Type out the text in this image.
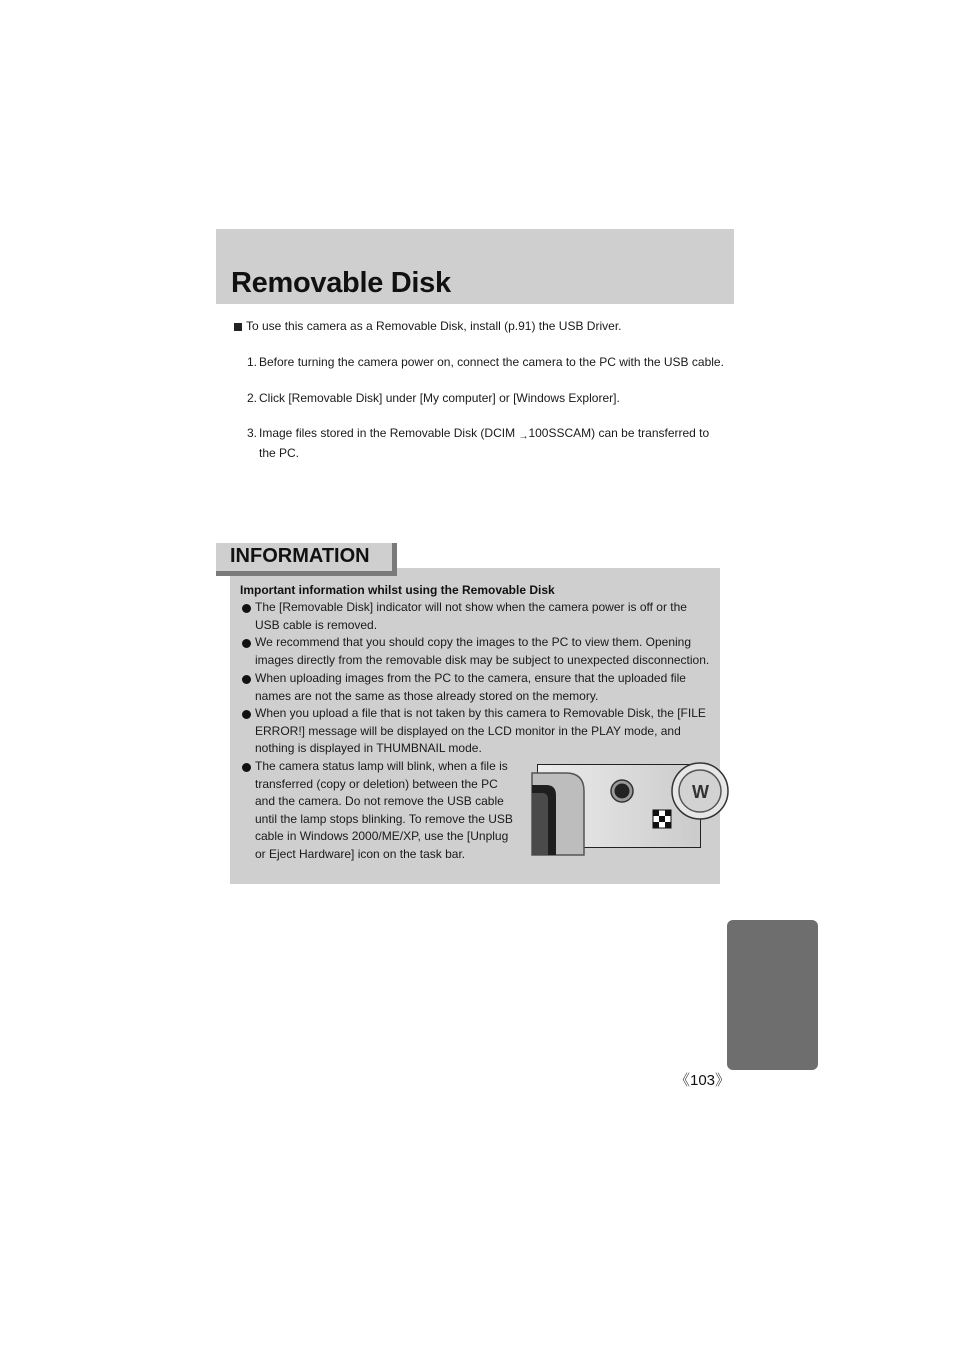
Removable Disk
To use this camera as a Removable Disk, install (p.91) the USB Driver.
1. Before turning the camera power on, connect the camera to the PC with the USB cable.
2. Click [Removable Disk] under [My computer] or [Windows Explorer].
3. Image files stored in the Removable Disk (DCIM →100SSCAM) can be transferred to the PC.

Important information whilst using the Removable Disk

The [Removable Disk] indicator will not show when the camera power is off or the USB cable is removed.
We recommend that you should copy the images to the PC to view them. Opening images directly from the removable disk may be subject to unexpected disconnection.
When uploading images from the PC to the camera, ensure that the uploaded file names are not the same as those already stored on the memory.
When you upload a file that is not taken by this camera to Removable Disk, the [FILE ERROR!] message will be displayed on the LCD monitor in the PLAY mode, and nothing is displayed in THUMBNAIL mode.
The camera status lamp will blink, when a file is transferred (copy or deletion) between the PC and the camera. Do not remove the USB cable until the lamp stops blinking. To remove the USB cable in Windows 2000/ME/XP, use the [Unplug or Eject Hardware] icon on the task bar.
W
INFORMATION
《103》
